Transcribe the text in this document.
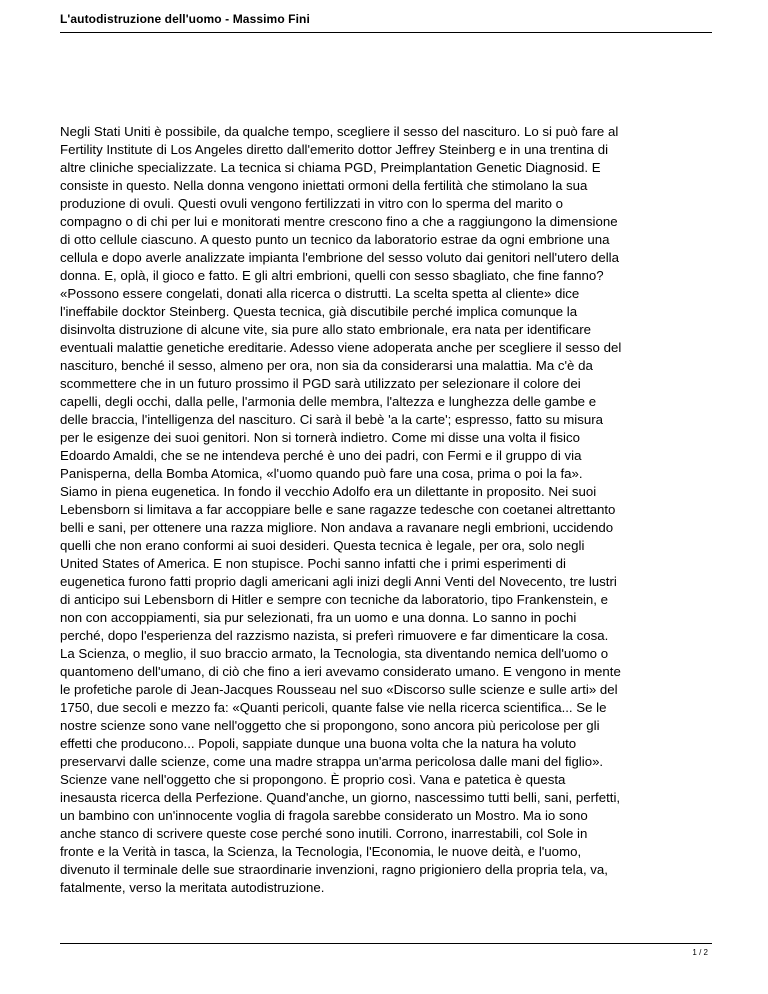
L'autodistruzione dell'uomo - Massimo Fini

Negli Stati Uniti è possibile, da qualche tempo, scegliere il sesso del nascituro. Lo si può fare al

Fertility Institute di Los Angeles diretto dall'emerito dottor Jeffrey Steinberg e in una trentina di

altre cliniche specializzate. La tecnica si chiama PGD, Preimplantation Genetic Diagnosid. E

consiste in questo. Nella donna vengono iniettati ormoni della fertilità che stimolano la sua

produzione di ovuli. Questi ovuli vengono fertilizzati in vitro con lo sperma del marito o

compagno o di chi per lui e monitorati mentre crescono fino a che a raggiungono la dimensione

di otto cellule ciascuno. A questo punto un tecnico da laboratorio estrae da ogni embrione una

cellula e dopo averle analizzate impianta l'embrione del sesso voluto dai genitori nell'utero della

donna. E, oplà, il gioco e fatto. E gli altri embrioni, quelli con sesso sbagliato, che fine fanno?

«Possono essere congelati, donati alla ricerca o distrutti. La scelta spetta al cliente» dice

l'ineffabile docktor Steinberg. Questa tecnica, già discutibile perché implica comunque la

disinvolta distruzione di alcune vite, sia pure allo stato embrionale, era nata per identificare

eventuali malattie genetiche ereditarie. Adesso viene adoperata anche per scegliere il sesso del

nascituro, benché il sesso, almeno per ora, non sia da considerarsi una malattia. Ma c'è da

scommettere che in un futuro prossimo il PGD sarà utilizzato per selezionare il colore dei

capelli, degli occhi, dalla pelle, l'armonia delle membra, l'altezza e lunghezza delle gambe e

delle braccia, l'intelligenza del nascituro. Ci sarà il bebè 'a la carte'; espresso, fatto su misura

per le esigenze dei suoi genitori. Non si tornerà indietro. Come mi disse una volta il fisico

Edoardo Amaldi, che se ne intendeva perché è uno dei padri, con Fermi e il gruppo di via

Panisperna, della Bomba Atomica, «l'uomo quando può fare una cosa, prima o poi la fa».

Siamo in piena eugenetica. In fondo il vecchio Adolfo era un dilettante in proposito. Nei suoi

Lebensborn si limitava a far accoppiare belle e sane ragazze tedesche con coetanei altrettanto

belli e sani, per ottenere una razza migliore. Non andava a ravanare negli embrioni, uccidendo

quelli che non erano conformi ai suoi desideri. Questa tecnica è legale, per ora, solo negli

United States of America. E non stupisce. Pochi sanno infatti che i primi esperimenti di

eugenetica furono fatti proprio dagli americani agli inizi degli Anni Venti del Novecento, tre lustri

di anticipo sui Lebensborn di Hitler e sempre con tecniche da laboratorio, tipo Frankenstein, e

non con accoppiamenti, sia pur selezionati, fra un uomo e una donna. Lo sanno in pochi

perché, dopo l'esperienza del razzismo nazista, si preferì rimuovere e far dimenticare la cosa.

La Scienza, o meglio, il suo braccio armato, la Tecnologia, sta diventando nemica dell'uomo o

quantomeno dell'umano, di ciò che fino a ieri avevamo considerato umano. E vengono in mente

le profetiche parole di Jean-Jacques Rousseau nel suo «Discorso sulle scienze e sulle arti» del

1750, due secoli e mezzo fa: «Quanti pericoli, quante false vie nella ricerca scientifica... Se le

nostre scienze sono vane nell'oggetto che si propongono, sono ancora più pericolose per gli

effetti che producono... Popoli, sappiate dunque una buona volta che la natura ha voluto

preservarvi dalle scienze, come una madre strappa un'arma pericolosa dalle mani del figlio».

Scienze vane nell'oggetto che si propongono. È proprio così. Vana e patetica è questa

inesausta ricerca della Perfezione. Quand'anche, un giorno, nascessimo tutti belli, sani, perfetti,

un bambino con un'innocente voglia di fragola sarebbe considerato un Mostro. Ma io sono

anche stanco di scrivere queste cose perché sono inutili. Corrono, inarrestabili, col Sole in

fronte e la Verità in tasca, la Scienza, la Tecnologia, l'Economia, le nuove deità, e l'uomo,

divenuto il terminale delle sue straordinarie invenzioni, ragno prigioniero della propria tela, va,

fatalmente, verso la meritata autodistruzione.

1 / 2
